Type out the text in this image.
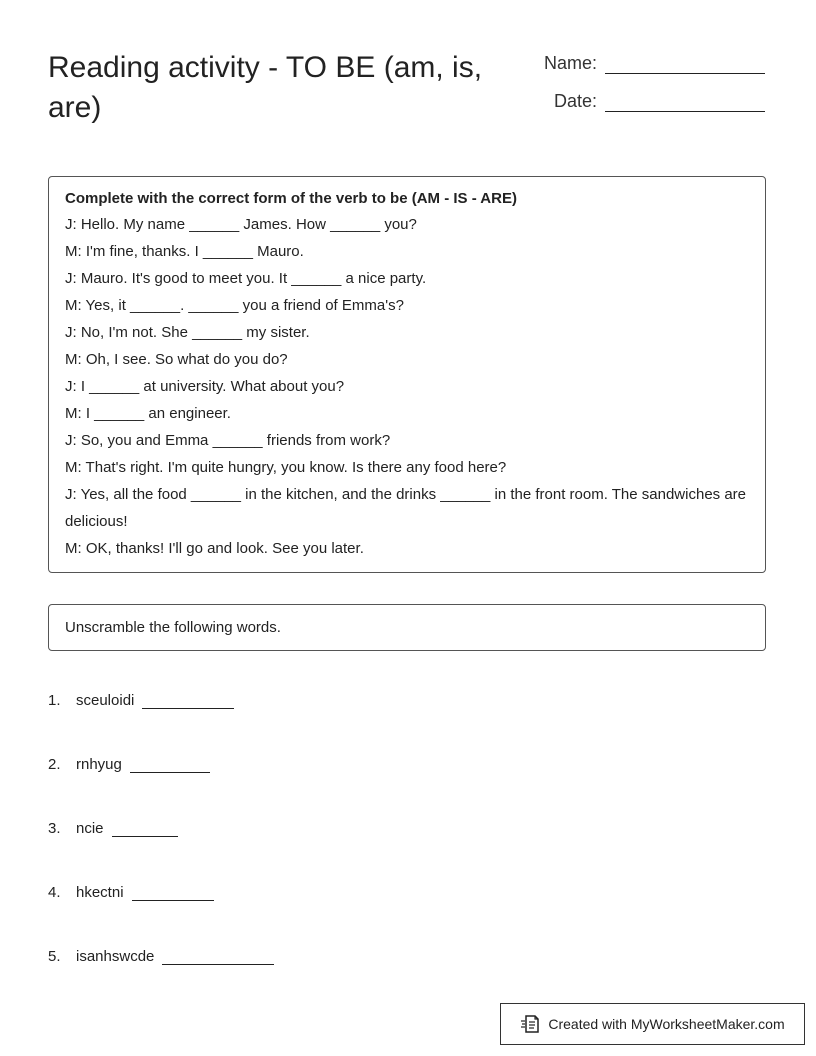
Reading activity - TO BE (am, is, are)
Name:
Date:
Complete with the correct form of the verb to be (AM - IS - ARE)
J: Hello. My name ______ James. How ______ you?
M: I'm fine, thanks. I ______ Mauro.
J: Mauro. It's good to meet you. It ______ a nice party.
M: Yes, it ______. ______ you a friend of Emma's?
J: No, I'm not. She ______ my sister.
M: Oh, I see. So what do you do?
J: I ______ at university. What about you?
M: I ______ an engineer.
J: So, you and Emma ______ friends from work?
M: That's right. I'm quite hungry, you know. Is there any food here?
J: Yes, all the food ______ in the kitchen, and the drinks ______ in the front room. The sandwiches are delicious!
M: OK, thanks! I'll go and look. See you later.
Unscramble the following words.
1.	sceuloidi
2.	rnhyug
3.	ncie
4.	hkectni
5.	isanhswcde
Created with MyWorksheetMaker.com
